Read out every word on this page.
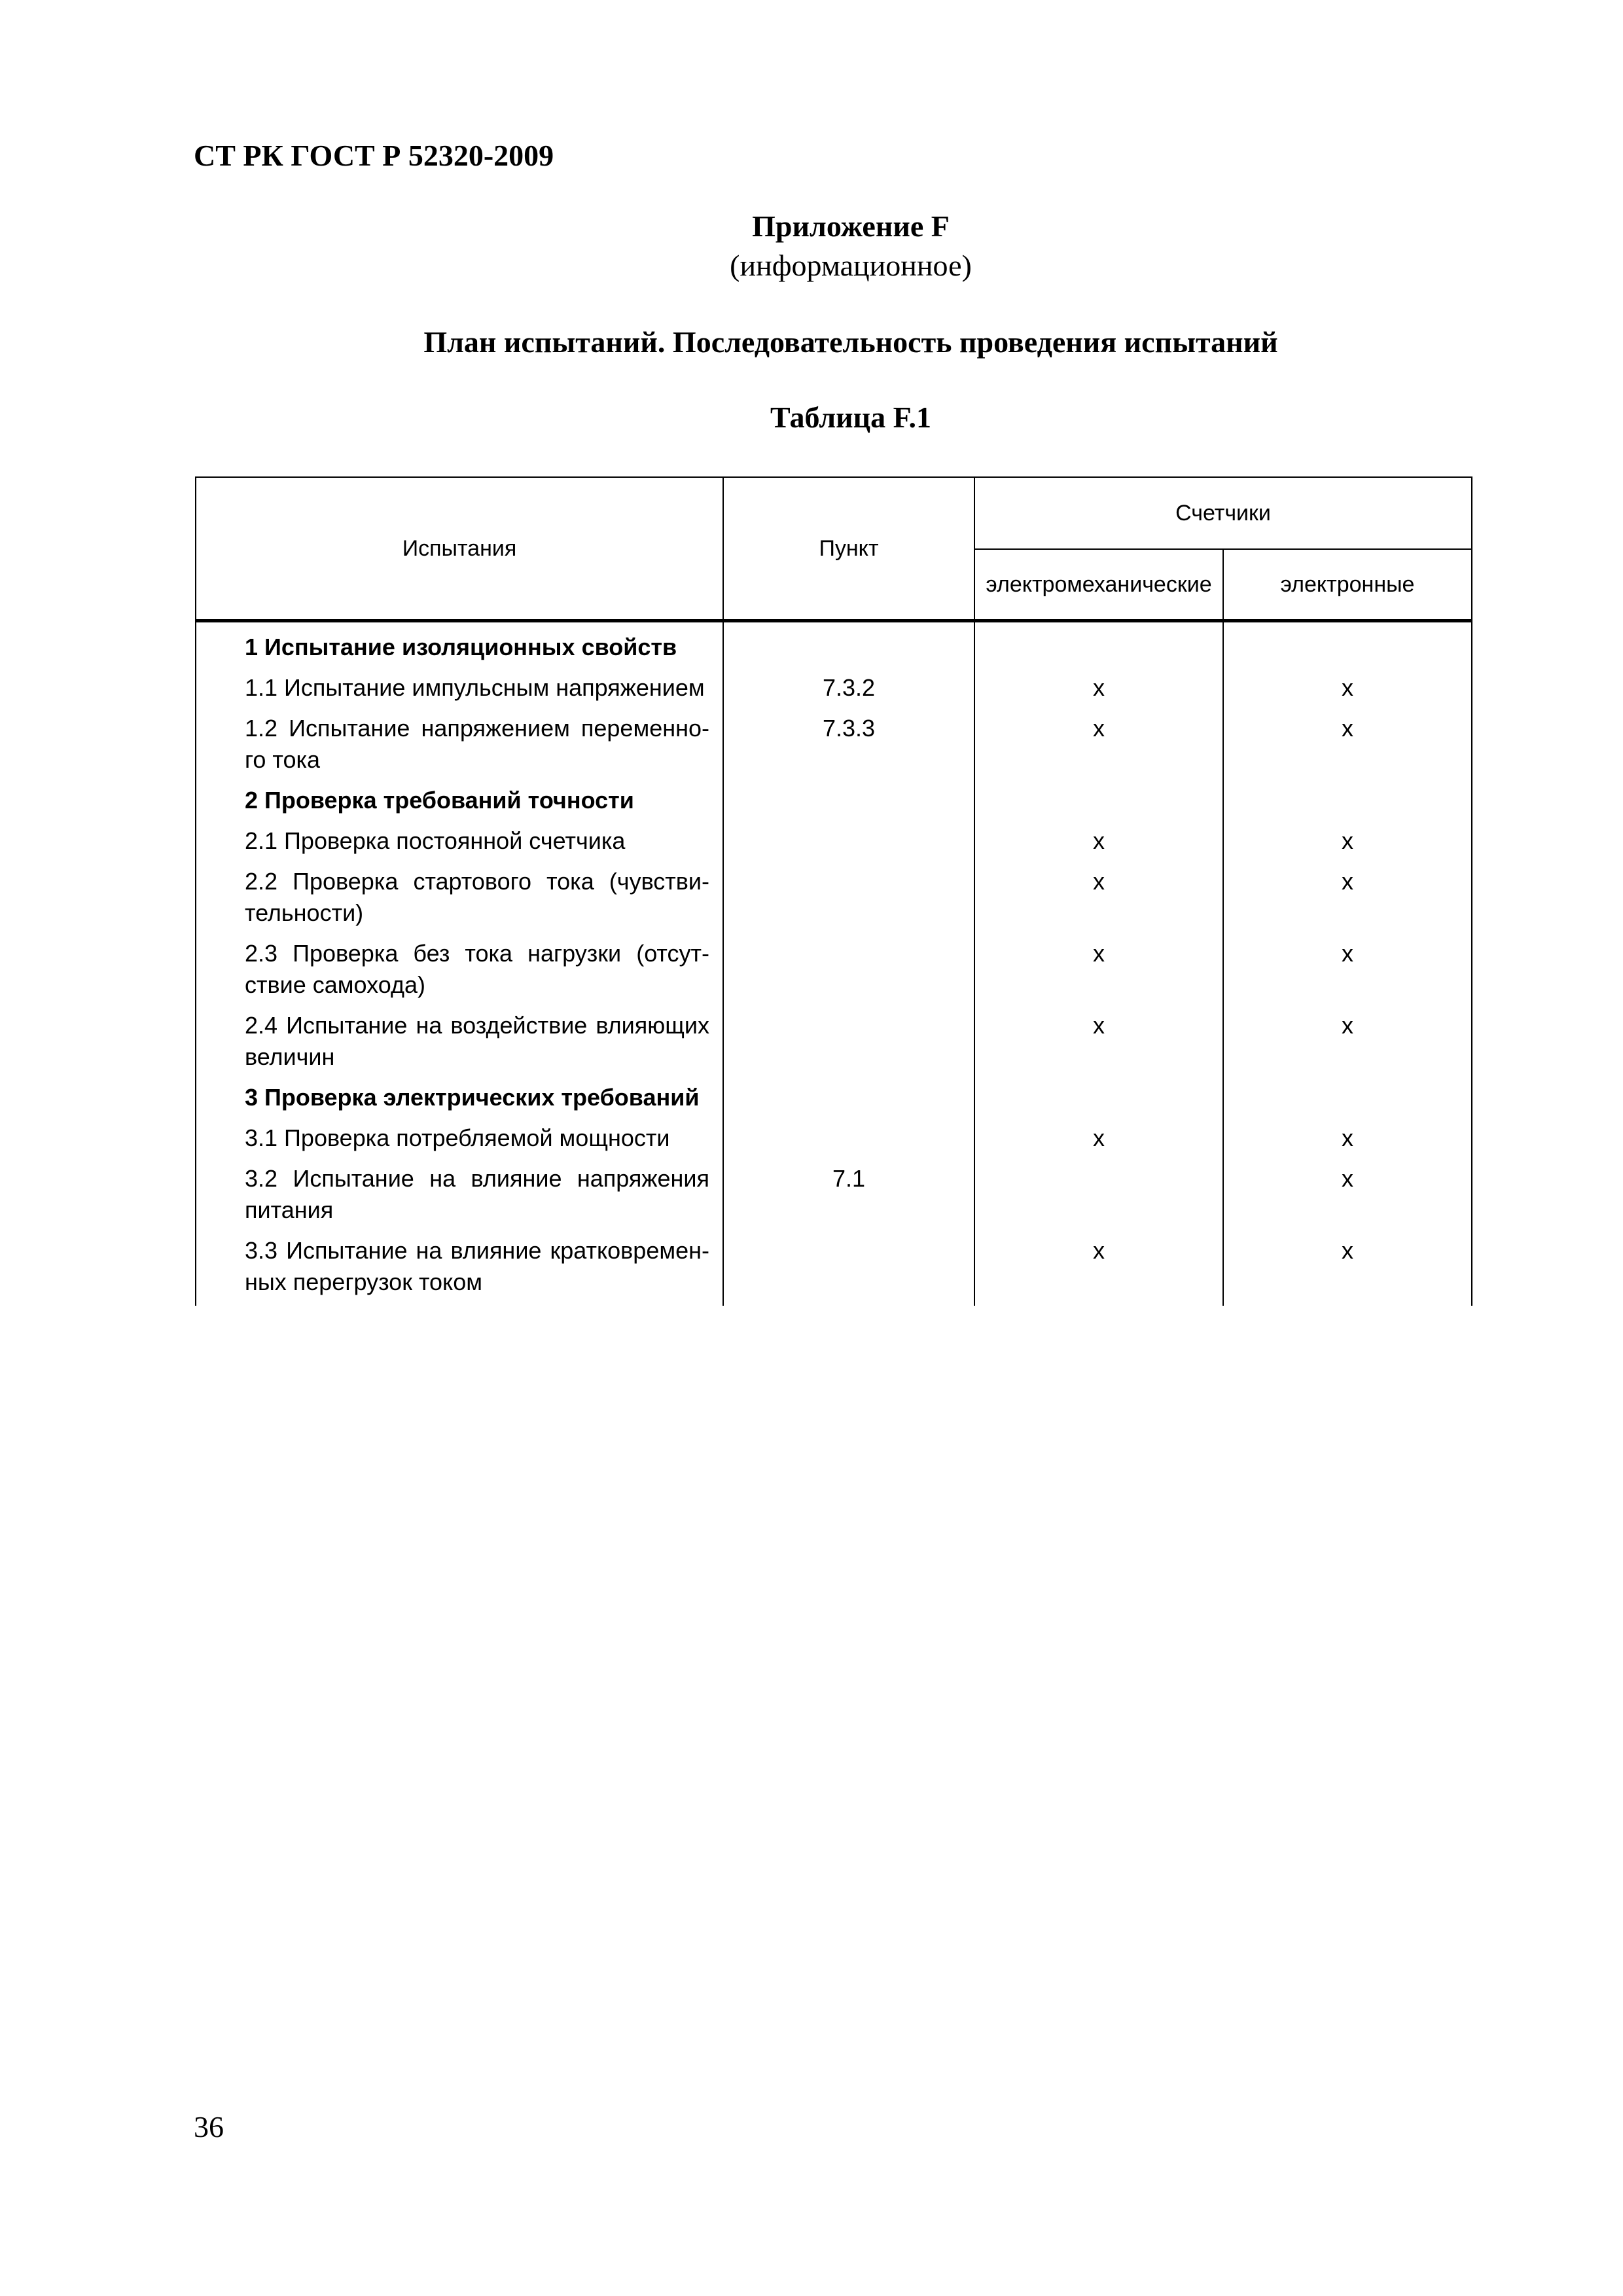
СТ РК ГОСТ Р 52320-2009
Приложение F
(информационное)
План испытаний. Последовательность проведения испытаний
Таблица F.1
Испытания	Пункт	Счетчики	
		электромеханические	электронные
1 Испытание изоляционных свойств			

1.1 Испытание импульсным напряжением	7.3.2	x	x

1.2 Испытание напряжением переменно-го тока	7.3.3	x	x
2 Проверка требований точности			

2.1 Проверка постоянной счетчика		x	x

2.2 Проверка стартового тока (чувстви-тельности)		x	x

2.3 Проверка без тока нагрузки (отсут-ствие самохода)		x	x

2.4 Испытание на воздействие влияющих величин		x	x
3 Проверка электрических требований			

3.1 Проверка потребляемой мощности		x	x

3.2 Испытание на влияние напряжения питания	7.1		x

3.3 Испытание на влияние кратковремен-ных перегрузок током		x	x
36
